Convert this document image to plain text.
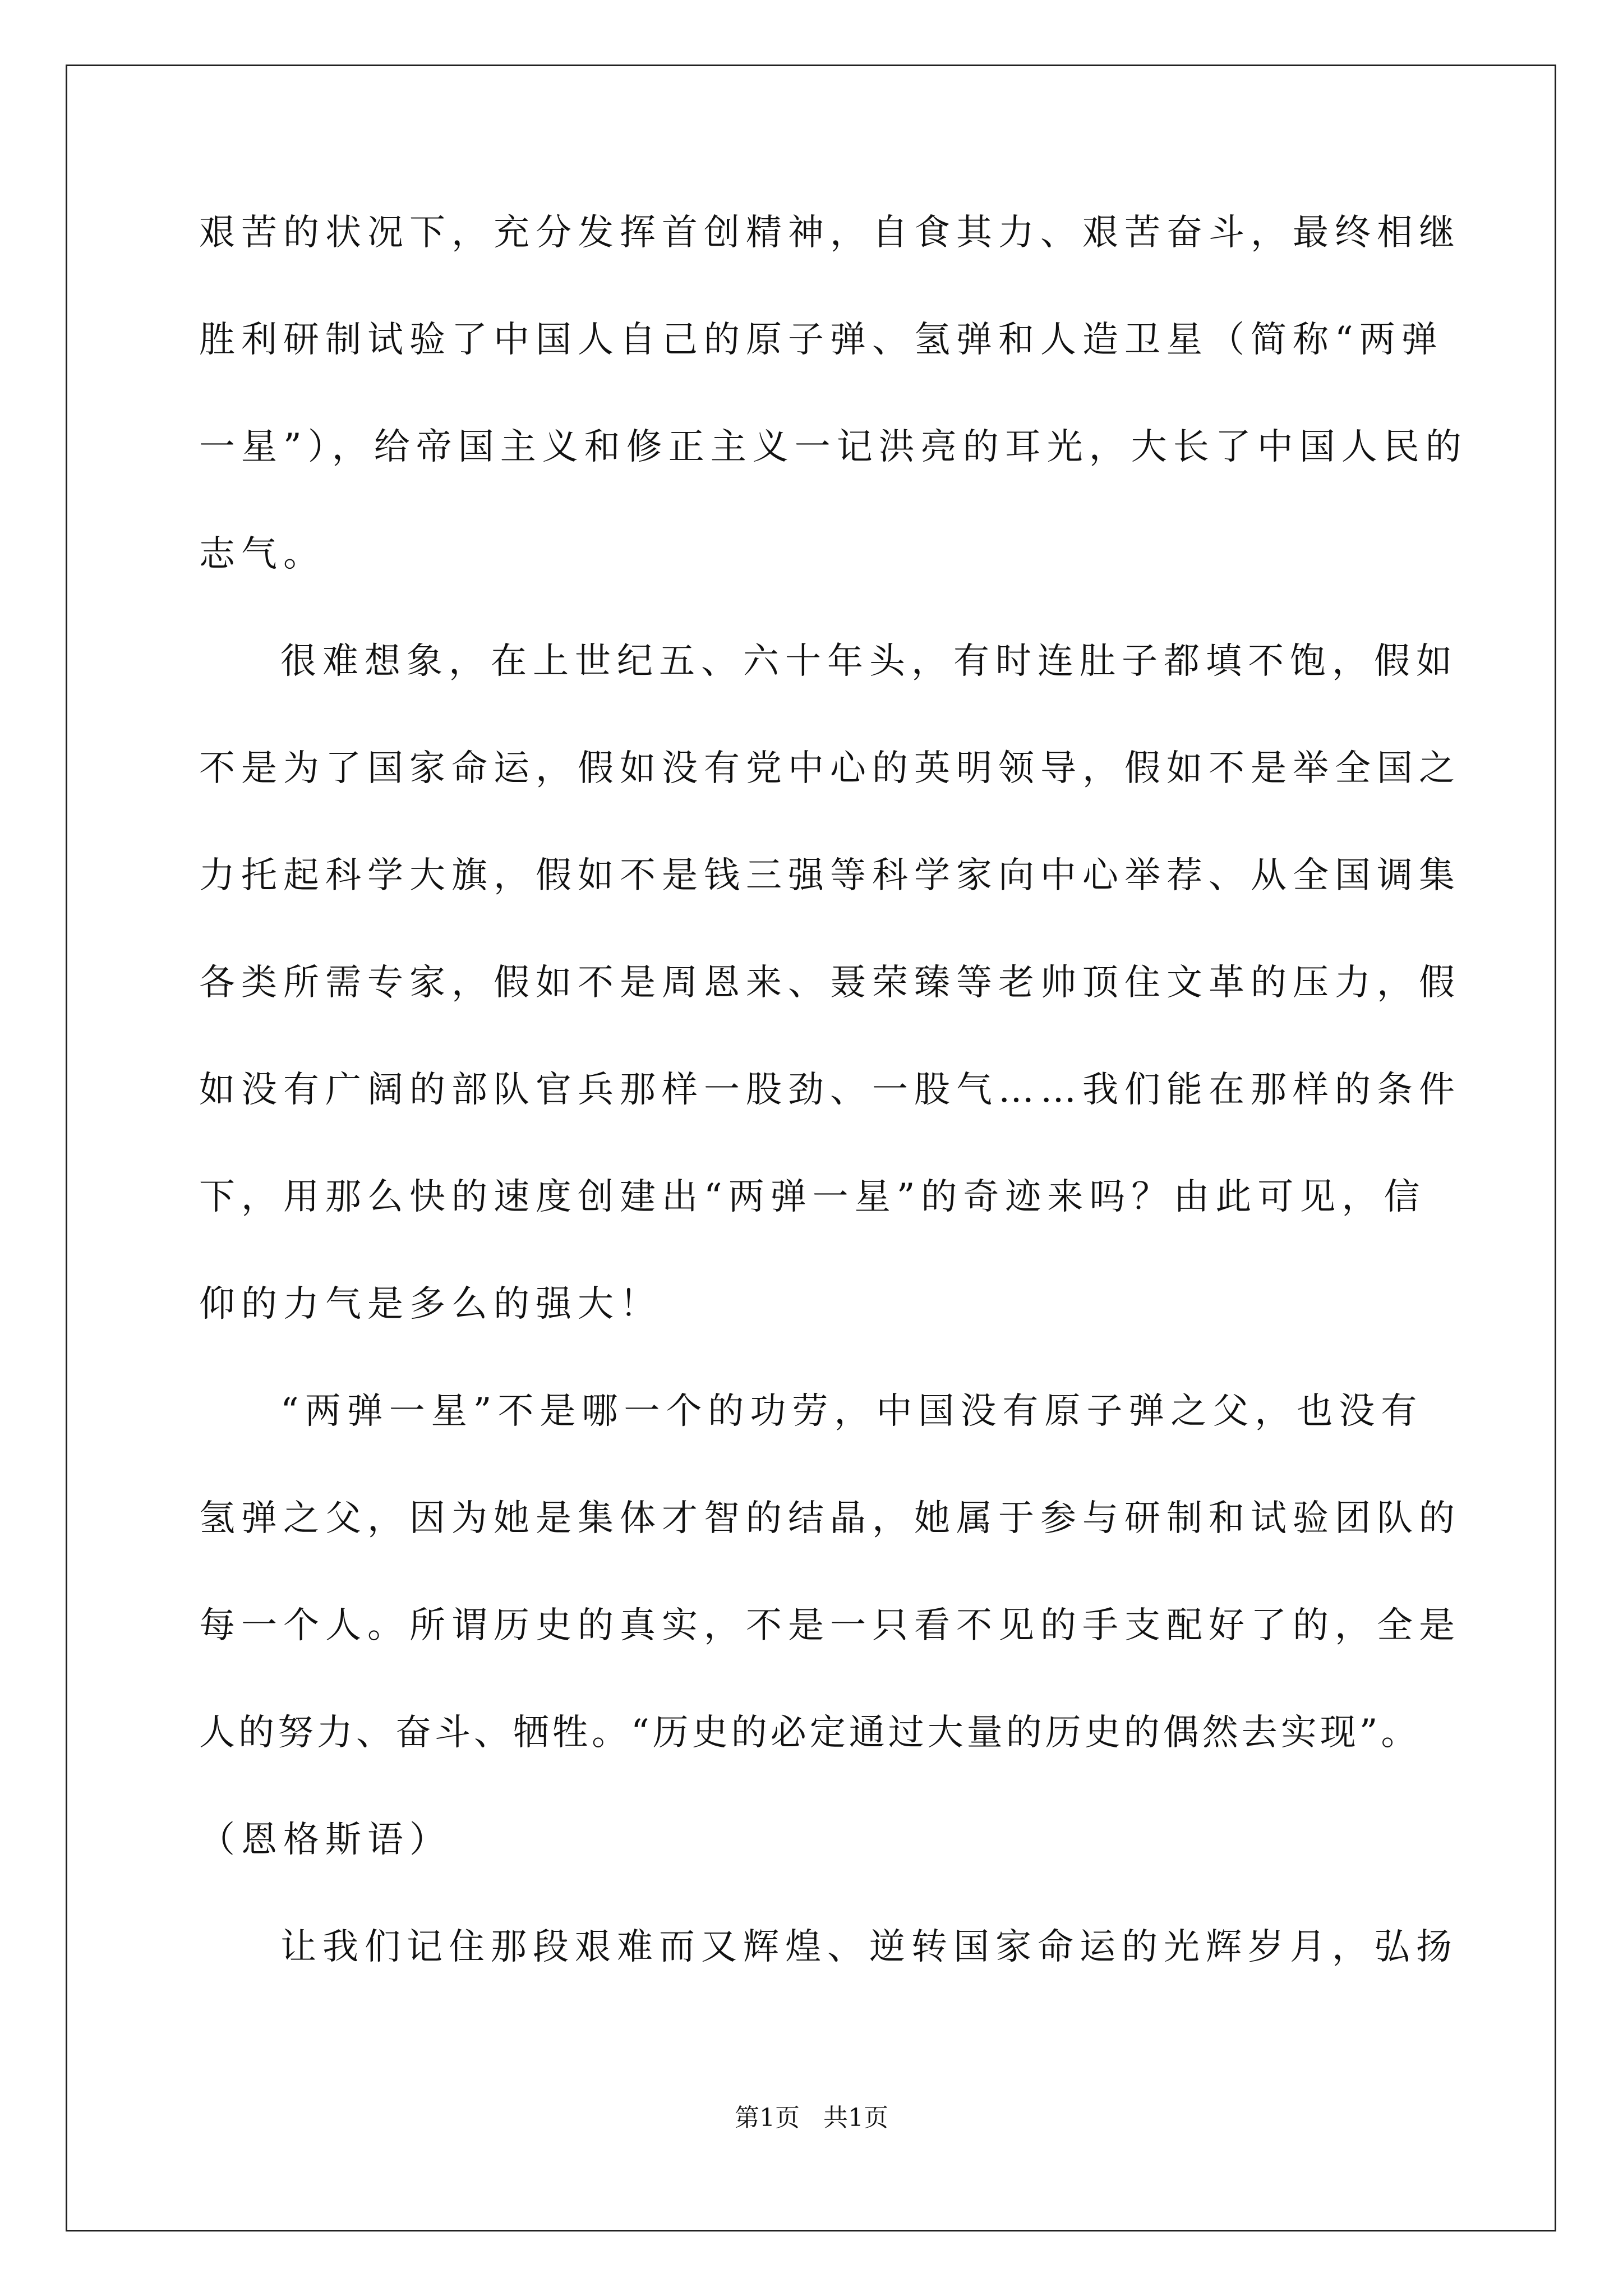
艰苦的状况下，充分发挥首创精神，自食其力、艰苦奋斗，最终相继
胜利研制试验了中国人自己的原子弹、氢弹和人造卫星（简称“两弹
一星”），给帝国主义和修正主义一记洪亮的耳光，大长了中国人民的
志气。
很难想象，在上世纪五、六十年头，有时连肚子都填不饱，假如
不是为了国家命运，假如没有党中心的英明领导，假如不是举全国之
力托起科学大旗，假如不是钱三强等科学家向中心举荐、从全国调集
各类所需专家，假如不是周恩来、聂荣臻等老帅顶住文革的压力，假
如没有广阔的部队官兵那样一股劲、一股气……我们能在那样的条件
下，用那么快的速度创建出“两弹一星”的奇迹来吗？由此可见，信
仰的力气是多么的强大！
“两弹一星”不是哪一个的功劳，中国没有原子弹之父，也没有
氢弹之父，因为她是集体才智的结晶，她属于参与研制和试验团队的
每一个人。所谓历史的真实，不是一只看不见的手支配好了的，全是
人的努力、奋斗、牺牲。“历史的必定通过大量的历史的偶然去实现”。
（恩格斯语）
让我们记住那段艰难而又辉煌、逆转国家命运的光辉岁月，弘扬
第1页   共1页
